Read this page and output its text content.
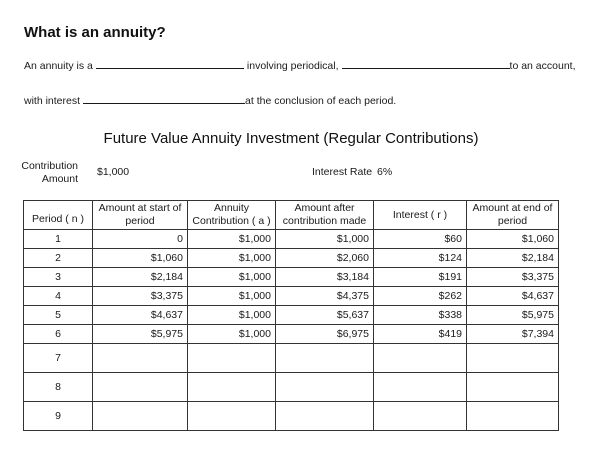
What is an annuity?
An annuity is a	involving periodical,	to an account,
with interest	at the conclusion of each period.
Future Value Annuity Investment (Regular Contributions)
Contribution
Amount
$1,000	Interest Rate 6%
Period ( n )	Amount at start of period	Annuity Contribution ( a )	Amount after contribution made	Interest ( r )	Amount at end of period
1	0	$1,000	$1,000	$60	$1,060
2	$1,060	$1,000	$2,060	$124	$2,184
3	$2,184	$1,000	$3,184	$191	$3,375
4	$3,375	$1,000	$4,375	$262	$4,637
5	$4,637	$1,000	$5,637	$338	$5,975
6	$5,975	$1,000	$6,975	$419	$7,394
7					
8					
9					
